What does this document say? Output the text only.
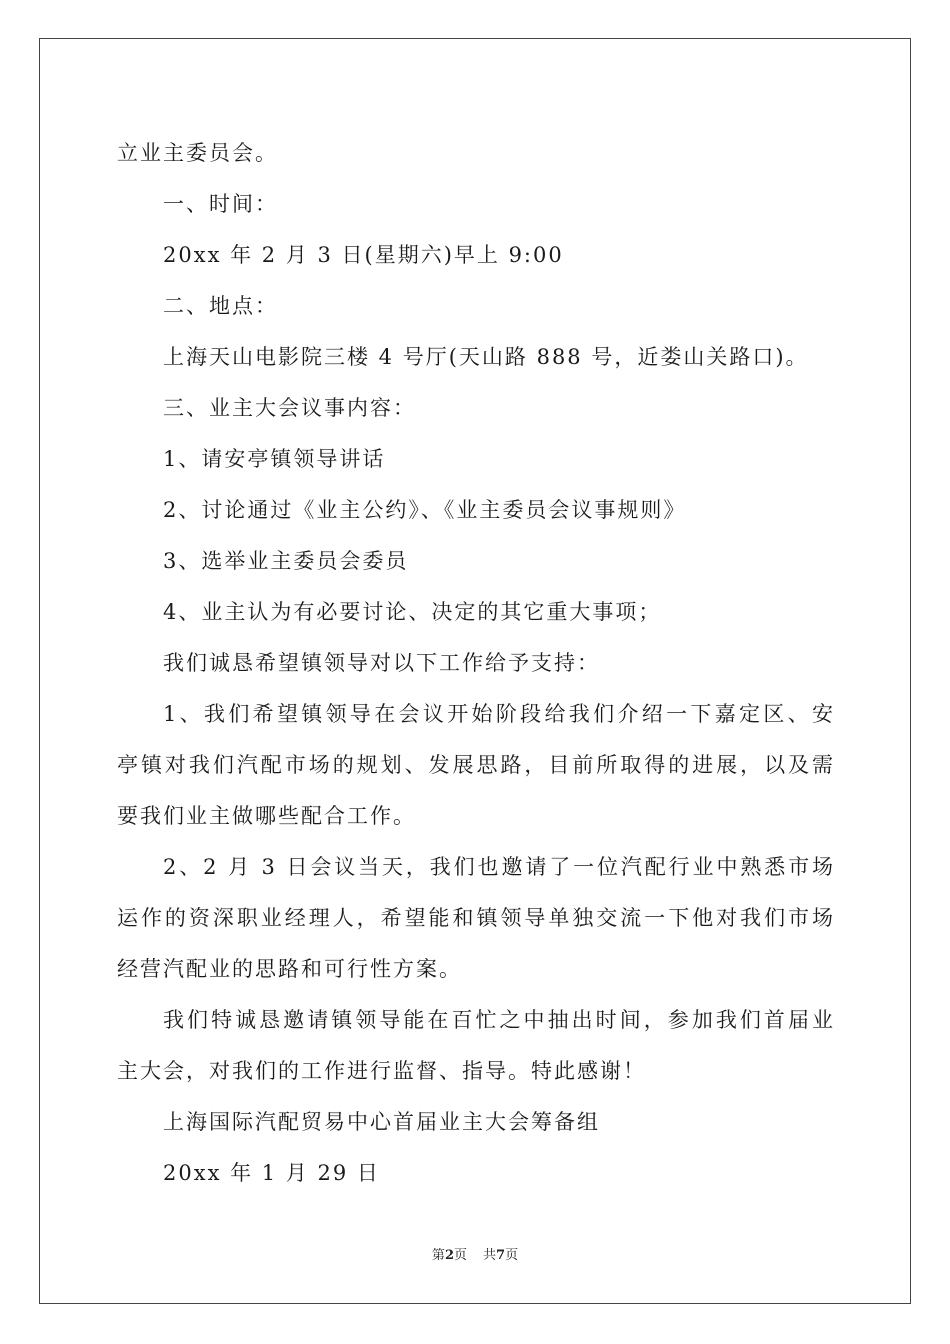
立业主委员会。
一、时间：
20xx 年 2 月 3 日(星期六)早上 9:00
二、地点：
上海天山电影院三楼 4 号厅(天山路 888 号，近娄山关路口)。
三、业主大会议事内容：
1、请安亭镇领导讲话
2、讨论通过《业主公约》、《业主委员会议事规则》
3、选举业主委员会委员
4、业主认为有必要讨论、决定的其它重大事项；
我们诚恳希望镇领导对以下工作给予支持：
1、我们希望镇领导在会议开始阶段给我们介绍一下嘉定区、安
亭镇对我们汽配市场的规划、发展思路，目前所取得的进展，以及需
要我们业主做哪些配合工作。
2、2 月 3 日会议当天，我们也邀请了一位汽配行业中熟悉市场
运作的资深职业经理人，希望能和镇领导单独交流一下他对我们市场
经营汽配业的思路和可行性方案。
我们特诚恳邀请镇领导能在百忙之中抽出时间，参加我们首届业
主大会，对我们的工作进行监督、指导。特此感谢！
上海国际汽配贸易中心首届业主大会筹备组
20xx 年 1 月 29 日
第2页 共7页
